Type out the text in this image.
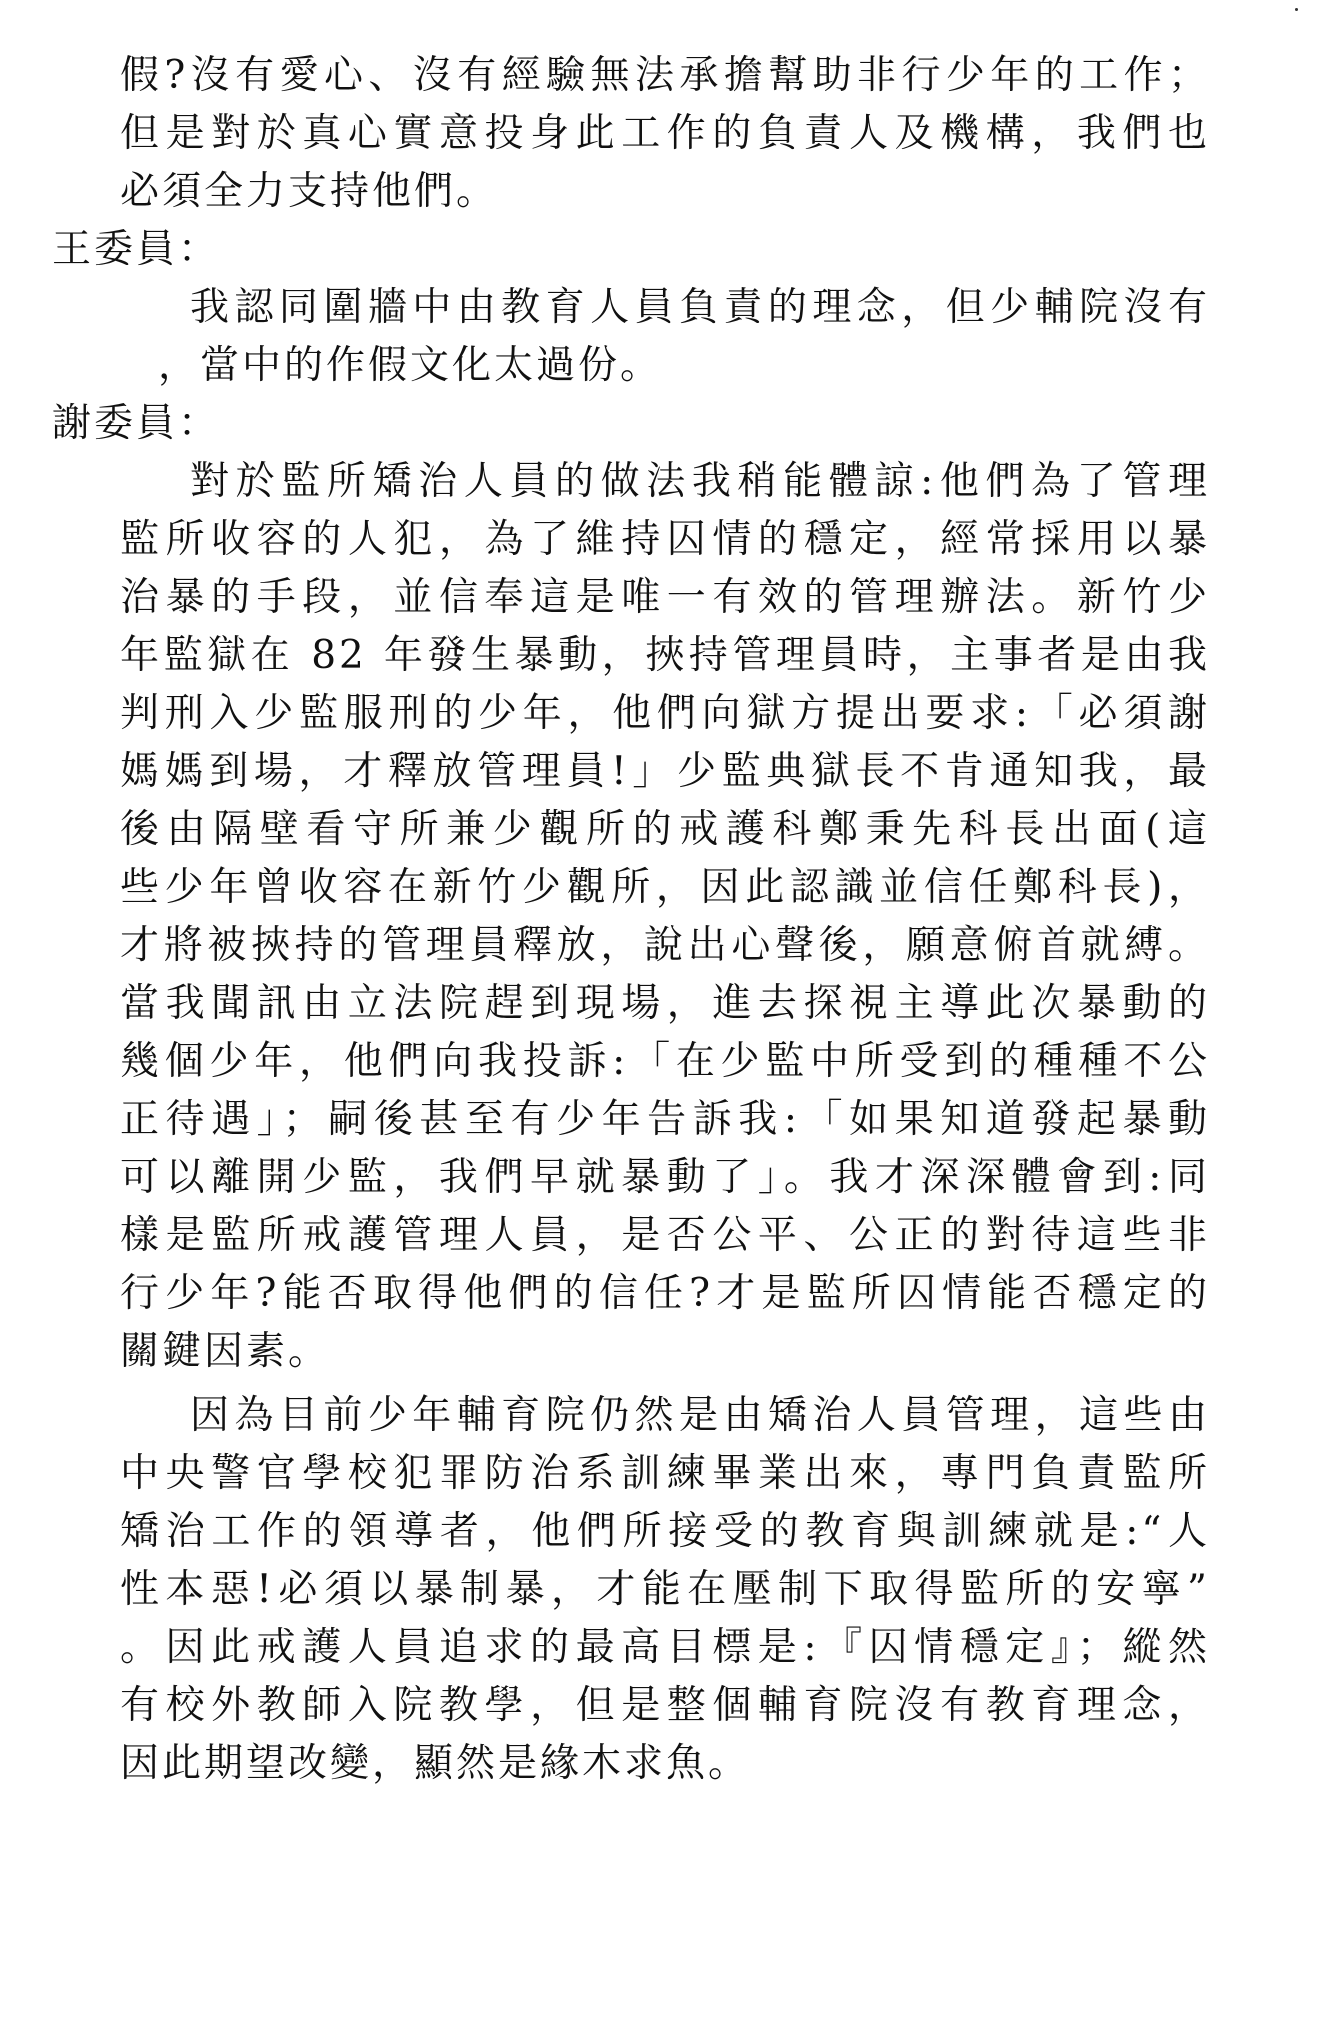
假?沒有愛心、沒有經驗無法承擔幫助非行少年的工作；
但是對於真心實意投身此工作的負責人及機構，我們也
必須全力支持他們。
王委員：
我認同圍牆中由教育人員負責的理念，但少輔院沒有
，當中的作假文化太過份。
謝委員：
對於監所矯治人員的做法我稍能體諒:他們為了管理
監所收容的人犯，為了維持囚情的穩定，經常採用以暴
治暴的手段，並信奉這是唯一有效的管理辦法。新竹少
年監獄在 82 年發生暴動，挾持管理員時，主事者是由我
判刑入少監服刑的少年，他們向獄方提出要求:「必須謝
媽媽到場，才釋放管理員!」少監典獄長不肯通知我，最
後由隔壁看守所兼少觀所的戒護科鄭秉先科長出面(這
些少年曾收容在新竹少觀所，因此認識並信任鄭科長)，
才將被挾持的管理員釋放，說出心聲後，願意俯首就縛。
當我聞訊由立法院趕到現場，進去探視主導此次暴動的
幾個少年，他們向我投訴:「在少監中所受到的種種不公
正待遇」；嗣後甚至有少年告訴我:「如果知道發起暴動
可以離開少監，我們早就暴動了」。我才深深體會到:同
樣是監所戒護管理人員，是否公平、公正的對待這些非
行少年?能否取得他們的信任?才是監所囚情能否穩定的
關鍵因素。
因為目前少年輔育院仍然是由矯治人員管理，這些由
中央警官學校犯罪防治系訓練畢業出來，專門負責監所
矯治工作的領導者，他們所接受的教育與訓練就是:“人
性本惡!必須以暴制暴，才能在壓制下取得監所的安寧”
。因此戒護人員追求的最高目標是:『囚情穩定』；縱然
有校外教師入院教學，但是整個輔育院沒有教育理念，
因此期望改變，顯然是緣木求魚。
